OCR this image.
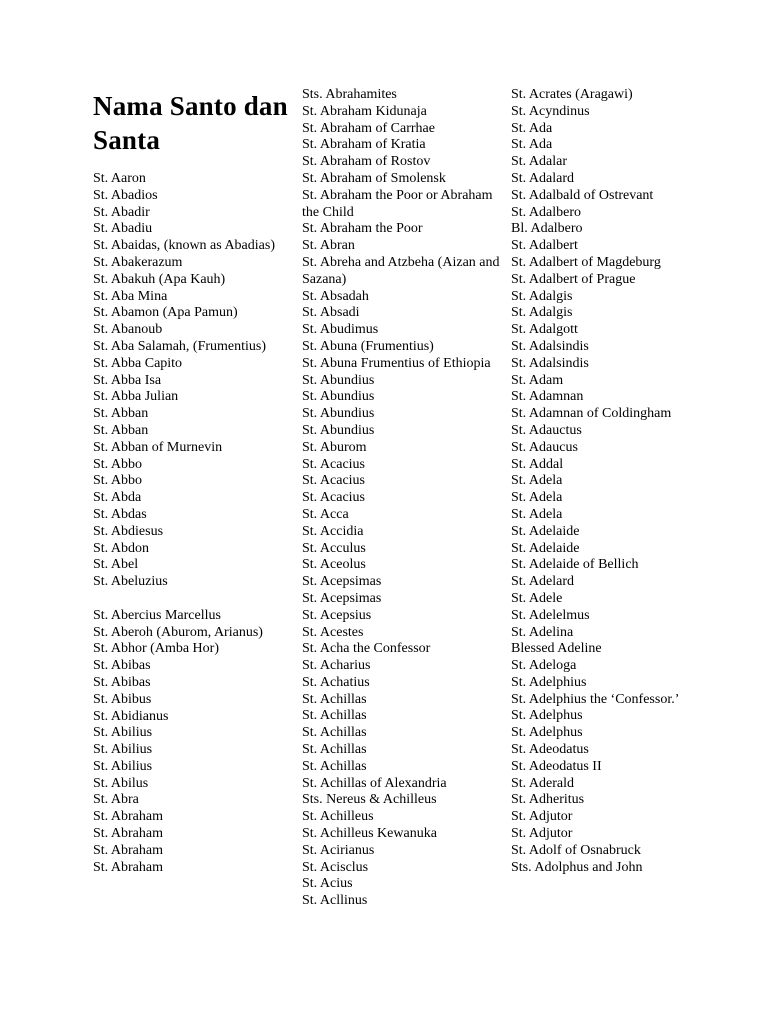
Nama Santo dan Santa
St. Aaron
St. Abadios
St. Abadir
St. Abadiu
St. Abaidas, (known as Abadias)
St. Abakerazum
St. Abakuh (Apa Kauh)
St. Aba Mina
St. Abamon (Apa Pamun)
St. Abanoub
St. Aba Salamah, (Frumentius)
St. Abba Capito
St. Abba Isa
St. Abba Julian
St. Abban
St. Abban
St. Abban of Murnevin
St. Abbo
St. Abbo
St. Abda
St. Abdas
St. Abdiesus
St. Abdon
St. Abel
St. Abeluzius
St. Abercius Marcellus
St. Aberoh (Aburom, Arianus)
St. Abhor (Amba Hor)
St. Abibas
St. Abibas
St. Abibus
St. Abidianus
St. Abilius
St. Abilius
St. Abilius
St. Abilus
St. Abra
St. Abraham
St. Abraham
St. Abraham
St. Abraham
Sts. Abrahamites
St. Abraham Kidunaja
St. Abraham of Carrhae
St. Abraham of Kratia
St. Abraham of Rostov
St. Abraham of Smolensk
St. Abraham the Poor or Abraham the Child
St. Abraham the Poor
St. Abran
St. Abreha and Atzbeha (Aizan and Sazana)
St. Absadah
St. Absadi
St. Abudimus
St. Abuna (Frumentius)
St. Abuna Frumentius of Ethiopia
St. Abundius
St. Abundius
St. Abundius
St. Abundius
St. Aburom
St. Acacius
St. Acacius
St. Acacius
St. Acca
St. Accidia
St. Acculus
St. Aceolus
St. Acepsimas
St. Acepsimas
St. Acepsius
St. Acestes
St. Acha the Confessor
St. Acharius
St. Achatius
St. Achillas
St. Achillas
St. Achillas
St. Achillas
St. Achillas
St. Achillas of Alexandria
Sts. Nereus & Achilleus
St. Achilleus
St. Achilleus Kewanuka
St. Acirianus
St. Acisclus
St. Acius
St. Acllinus
St. Acrates (Aragawi)
St. Acyndinus
St. Ada
St. Ada
St. Adalar
St. Adalard
St. Adalbald of Ostrevant
St. Adalbero
Bl. Adalbero
St. Adalbert
St. Adalbert of Magdeburg
St. Adalbert of Prague
St. Adalgis
St. Adalgis
St. Adalgott
St. Adalsindis
St. Adalsindis
St. Adam
St. Adamnan
St. Adamnan of Coldingham
St. Adauctus
St. Adaucus
St. Addal
St. Adela
St. Adela
St. Adela
St. Adelaide
St. Adelaide
St. Adelaide of Bellich
St. Adelard
St. Adele
St. Adelelmus
St. Adelina
Blessed Adeline
St. Adeloga
St. Adelphius
St. Adelphius the ‘Confessor.’
St. Adelphus
St. Adelphus
St. Adeodatus
St. Adeodatus II
St. Aderald
St. Adheritus
St. Adjutor
St. Adjutor
St. Adolf of Osnabruck
Sts. Adolphus and John
